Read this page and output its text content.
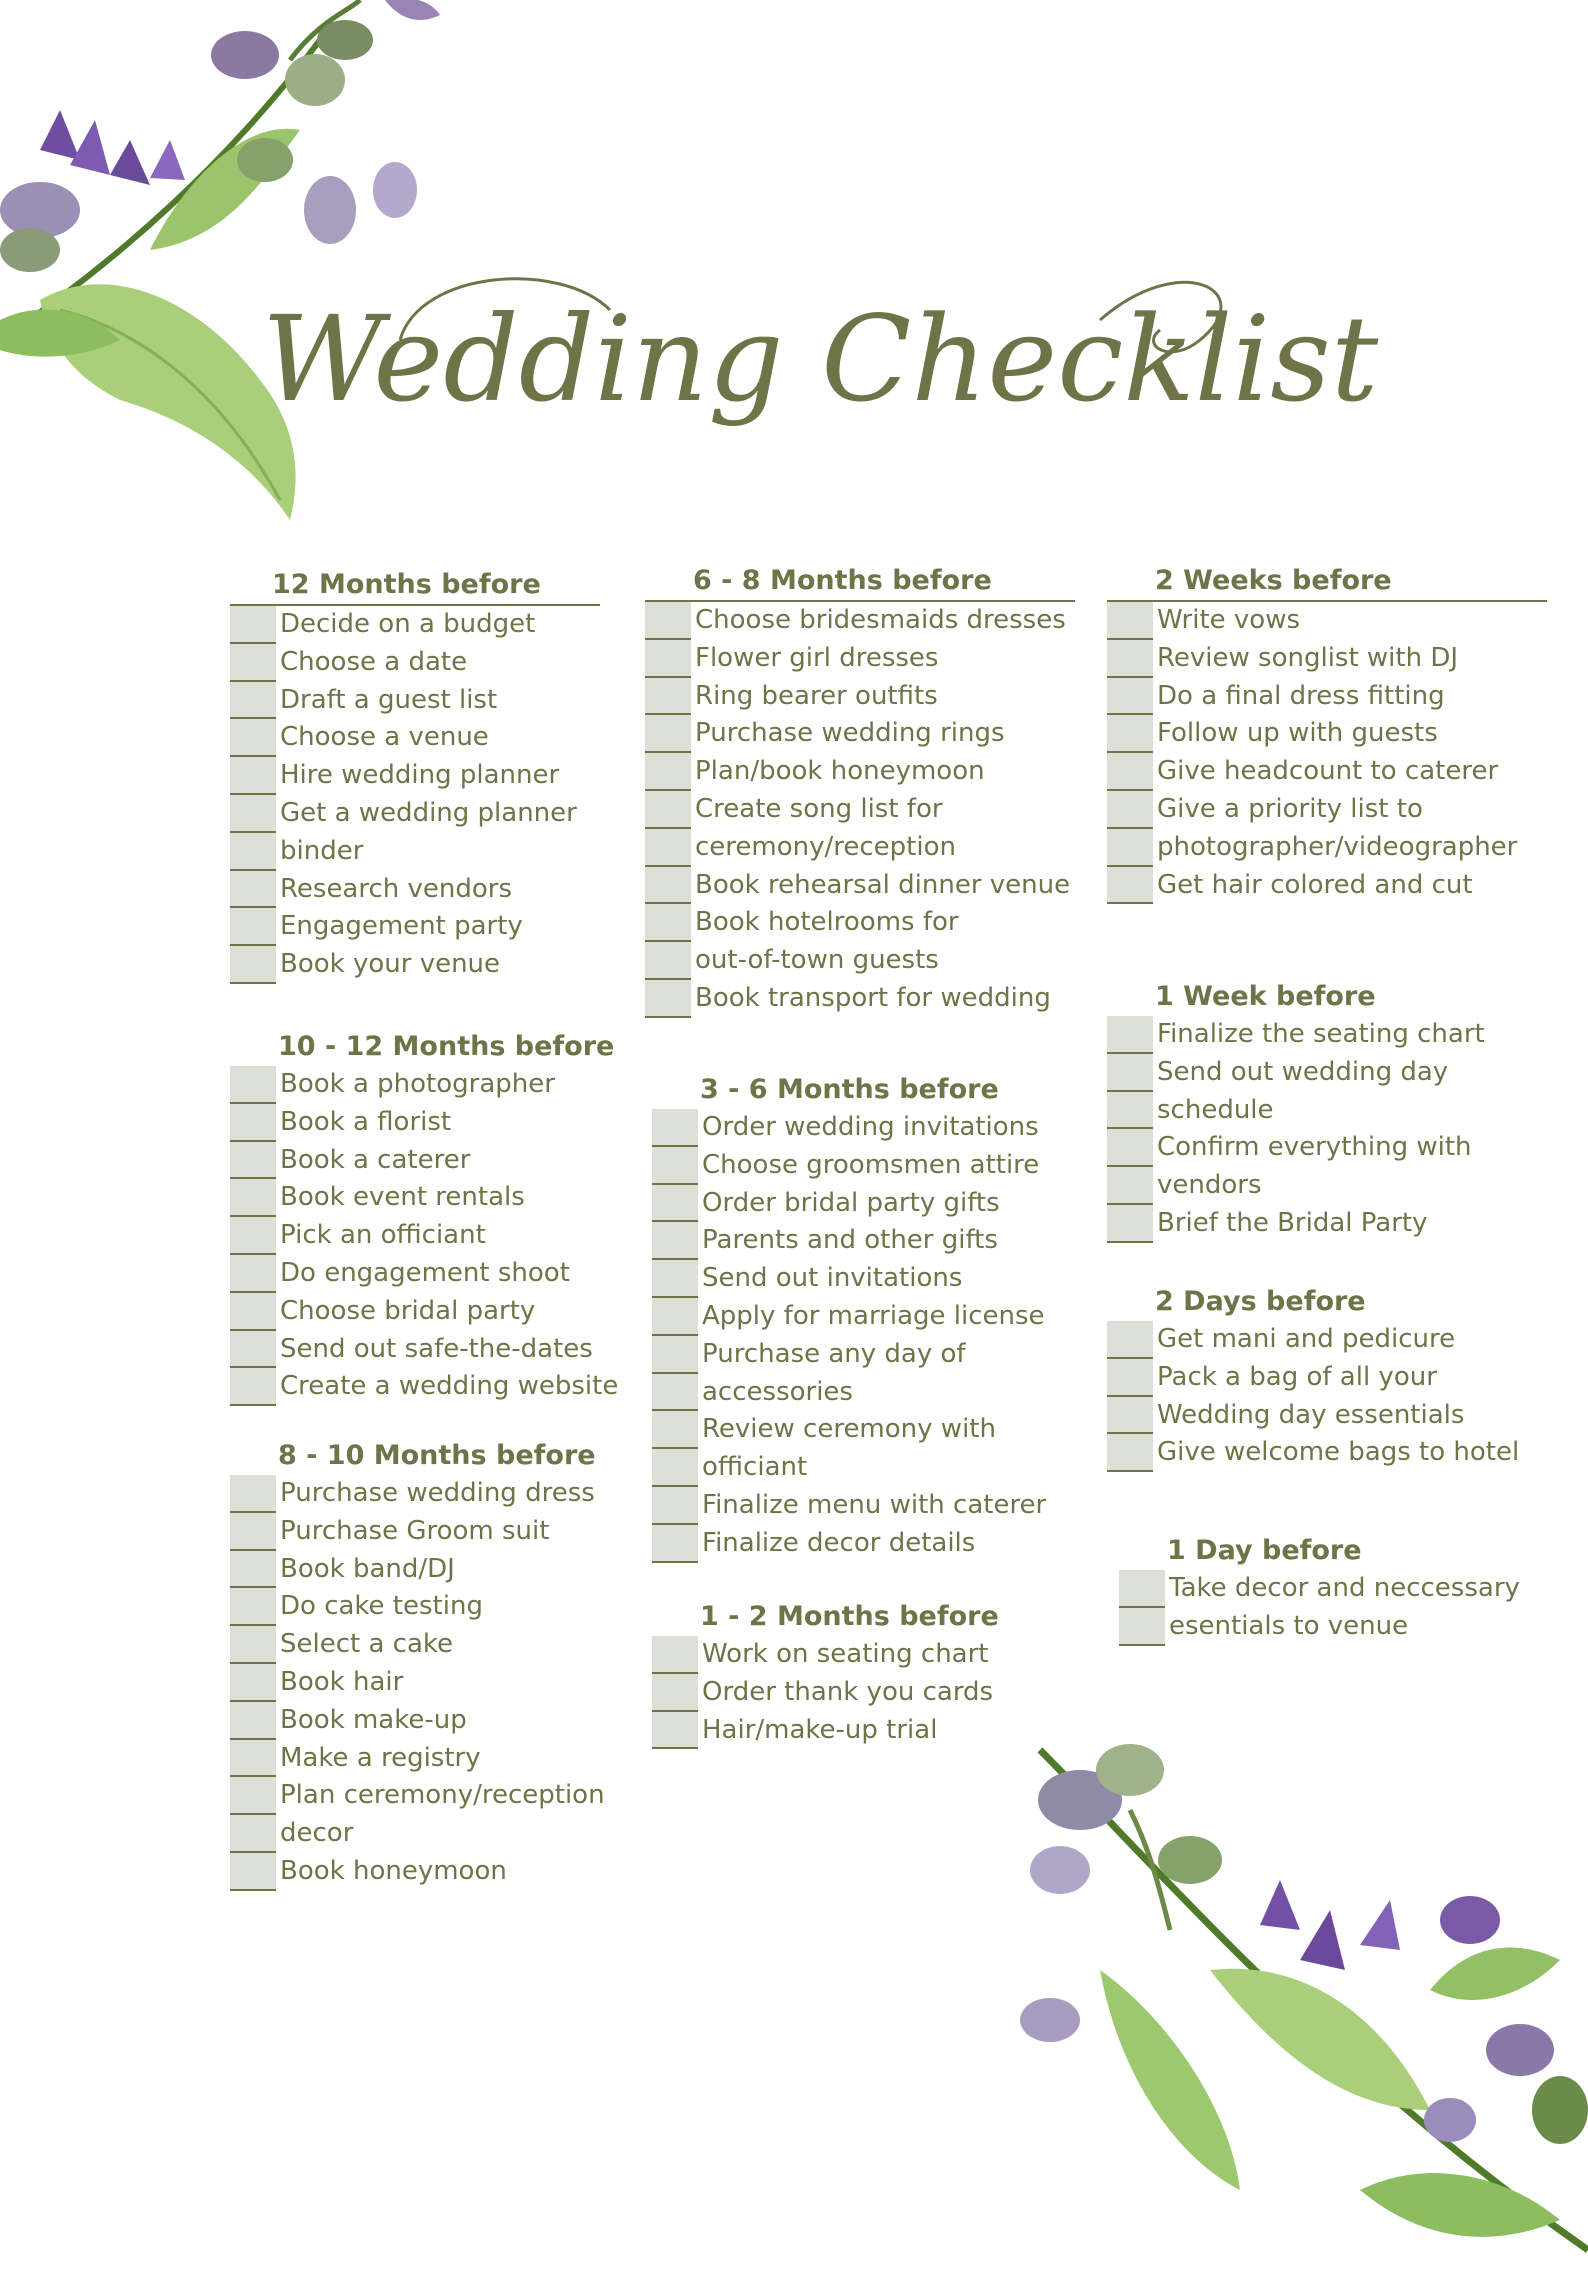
Wedding Checklist
12 Months before
Decide on a budget
Choose a date
Draft a guest list
Choose a venue
Hire wedding planner
Get a wedding planner
binder
Research vendors
Engagement party
Book your venue
10 - 12 Months before
Book a photographer
Book a florist
Book a caterer
Book event rentals
Pick an officiant
Do engagement shoot
Choose bridal party
Send out safe-the-dates
Create a wedding website
8 - 10 Months before
Purchase wedding dress
Purchase Groom suit
Book band/DJ
Do cake testing
Select a cake
Book hair
Book make-up
Make a registry
Plan ceremony/reception
decor
Book honeymoon
6 - 8 Months before
Choose bridesmaids dresses
Flower girl dresses
Ring bearer outfits
Purchase wedding rings
Plan/book honeymoon
Create song list for
ceremony/reception
Book rehearsal dinner venue
Book hotelrooms for
out-of-town guests
Book transport for wedding
3 - 6 Months before
Order wedding invitations
Choose groomsmen attire
Order bridal party gifts
Parents and other gifts
Send out invitations
Apply for marriage license
Purchase any day of
accessories
Review ceremony with
officiant
Finalize menu with caterer
Finalize decor details
1 - 2 Months before
Work on seating chart
Order thank you cards
Hair/make-up trial
2 Weeks before
Write vows
Review songlist with DJ
Do a final dress fitting
Follow up with guests
Give headcount to caterer
Give a priority list to
photographer/videographer
Get hair colored and cut
1 Week before
Finalize the seating chart
Send out wedding day
schedule
Confirm everything with
vendors
Brief the Bridal Party
2 Days before
Get mani and pedicure
Pack a bag of all your
Wedding day essentials
Give welcome bags to hotel
1 Day before
Take decor and neccessary
esentials to venue
